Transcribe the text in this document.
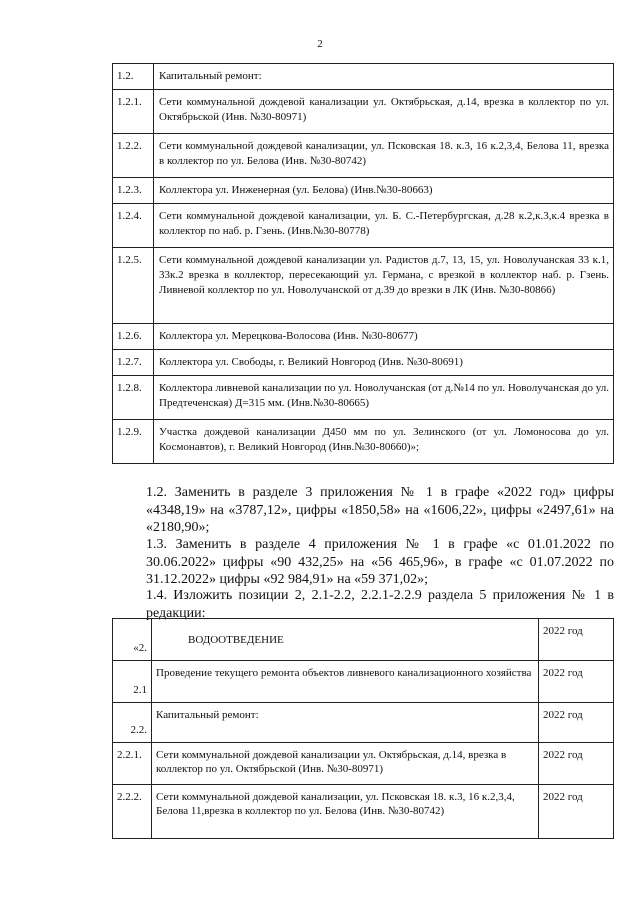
2
1.2.	Капитальный ремонт:
1.2.1.	Сети коммунальной дождевой канализации ул. Октябрьская, д.14, врезка в коллектор по ул. Октябрьской (Инв. №30-80971)
1.2.2.	Сети коммунальной дождевой канализации, ул. Псковская 18. к.3, 16 к.2,3,4, Белова 11, врезка в коллектор по ул. Белова (Инв. №30-80742)
1.2.3.	Коллектора ул. Инженерная (ул. Белова) (Инв.№30-80663)
1.2.4.	Сети коммунальной дождевой канализации, ул. Б. С.-Петербургская, д.28 к.2,к.3,к.4 врезка в коллектор по наб. р. Гзень. (Инв.№30-80778)
1.2.5.	Сети коммунальной дождевой канализации ул. Радистов д.7, 13, 15, ул. Новолучанская 33 к.1, 33к.2 врезка в коллектор, пересекающий ул. Германа, с врезкой в коллектор наб. р. Гзень. Ливневой коллектор по ул. Новолучанской от д.39 до врезки в ЛК (Инв. №30-80866)
1.2.6.	Коллектора ул. Мерецкова-Волосова (Инв. №30-80677)
1.2.7.	Коллектора ул. Свободы, г. Великий Новгород (Инв. №30-80691)
1.2.8.	Коллектора ливневой канализации по ул. Новолучанская (от д.№14 по ул. Новолучанская до ул. Предтеченская) Д=315 мм. (Инв.№30-80665)
1.2.9.	Участка дождевой канализации Д450 мм по ул. Зелинского (от ул. Ломоносова до ул. Космонавтов), г. Великий Новгород (Инв.№30-80660)»;
1.2. Заменить в разделе 3 приложения № 1 в графе «2022 год» цифры «4348,19» на «3787,12», цифры «1850,58» на «1606,22», цифры «2497,61» на «2180,90»;
1.3. Заменить в разделе 4 приложения № 1 в графе «с 01.01.2022 по 30.06.2022» цифры «90 432,25» на «56 465,96», в графе «с 01.07.2022 по 31.12.2022» цифры «92 984,91» на «59 371,02»;
1.4. Изложить позиции 2, 2.1-2.2, 2.2.1-2.2.9 раздела 5 приложения № 1 в редакции:
«2.	ВОДООТВЕДЕНИЕ	2022 год
2.1	Проведение текущего ремонта объектов ливневого канализационного хозяйства	2022 год
2.2.	Капитальный ремонт:	2022 год
2.2.1.	Сети коммунальной дождевой канализации ул. Октябрьская, д.14, врезка в коллектор по ул. Октябрьской (Инв. №30-80971)	2022 год
2.2.2.	Сети коммунальной дождевой канализации, ул. Псковская 18. к.3, 16 к.2,3,4, Белова 11,врезка в коллектор по ул. Белова (Инв. №30-80742)	2022 год
